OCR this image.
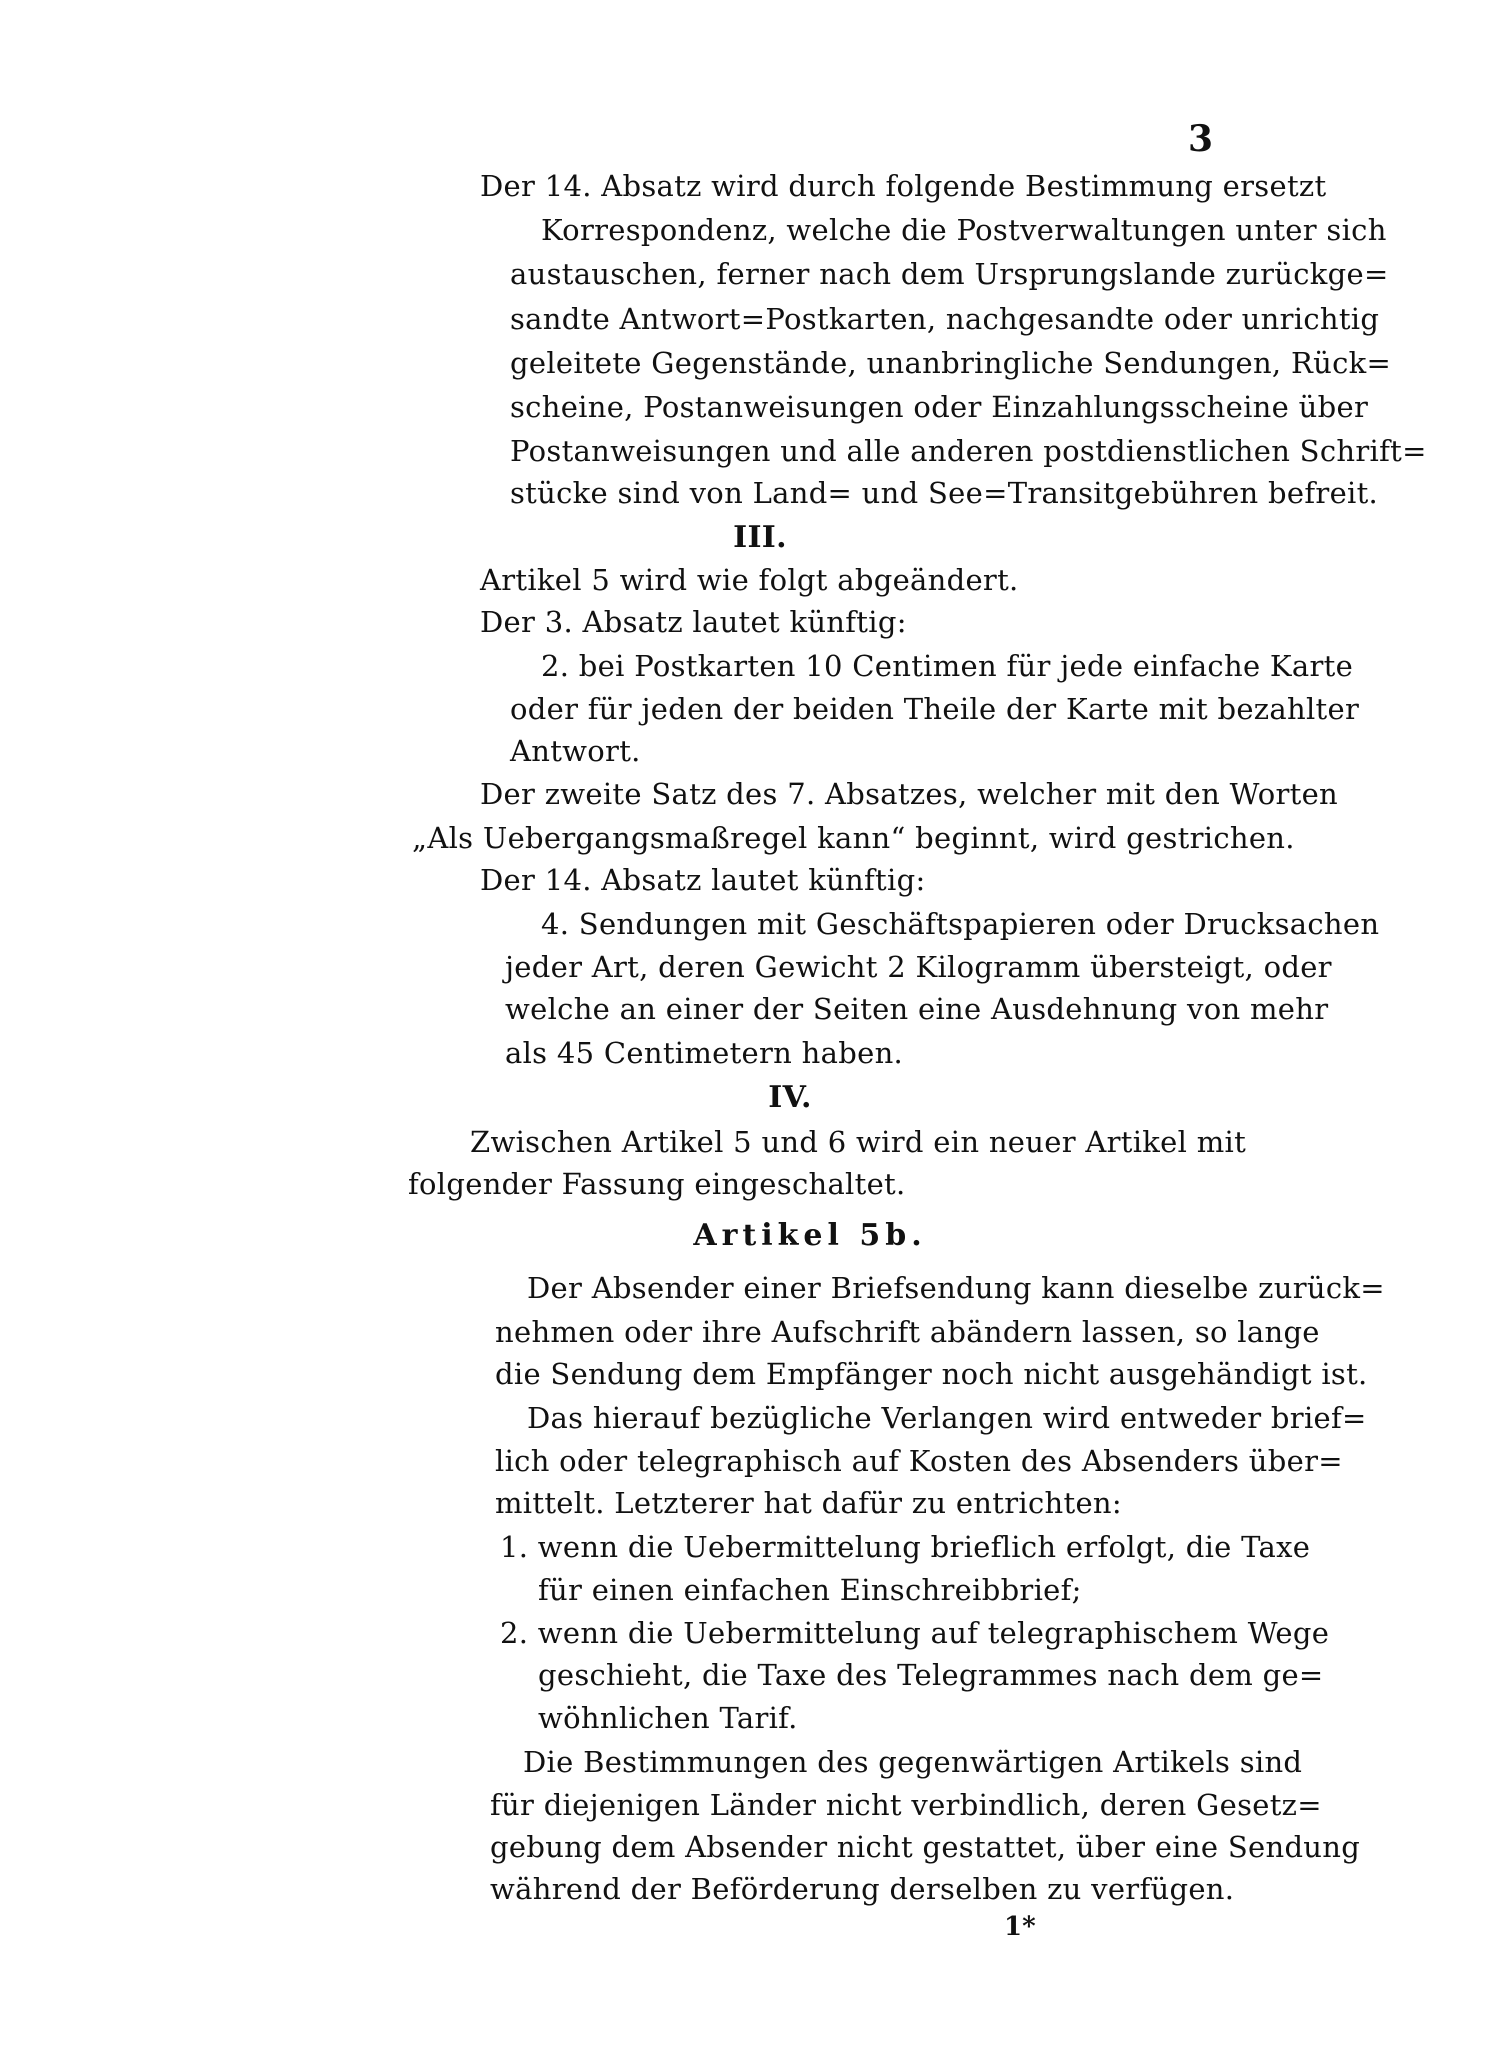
3
Der 14. Absatz wird durch folgende Bestimmung ersetzt
Korrespondenz, welche die Postverwaltungen unter sich
austauschen, ferner nach dem Ursprungslande zurückge=
sandte Antwort=Postkarten, nachgesandte oder unrichtig
geleitete Gegenstände, unanbringliche Sendungen, Rück=
scheine, Postanweisungen oder Einzahlungsscheine über
Postanweisungen und alle anderen postdienstlichen Schrift=
stücke sind von Land= und See=Transitgebühren befreit.
III.
Artikel 5 wird wie folgt abgeändert.
Der 3. Absatz lautet künftig:
2. bei Postkarten 10 Centimen für jede einfache Karte
oder für jeden der beiden Theile der Karte mit bezahlter
Antwort.
Der zweite Satz des 7. Absatzes, welcher mit den Worten
„Als Uebergangsmaßregel kann“ beginnt, wird gestrichen.
Der 14. Absatz lautet künftig:
4. Sendungen mit Geschäftspapieren oder Drucksachen
jeder Art, deren Gewicht 2 Kilogramm übersteigt, oder
welche an einer der Seiten eine Ausdehnung von mehr
als 45 Centimetern haben.
IV.
Zwischen Artikel 5 und 6 wird ein neuer Artikel mit
folgender Fassung eingeschaltet.
Artikel 5b.
Der Absender einer Briefsendung kann dieselbe zurück=
nehmen oder ihre Aufschrift abändern lassen, so lange
die Sendung dem Empfänger noch nicht ausgehändigt ist.
Das hierauf bezügliche Verlangen wird entweder brief=
lich oder telegraphisch auf Kosten des Absenders über=
mittelt. Letzterer hat dafür zu entrichten:
1. wenn die Uebermittelung brieflich erfolgt, die Taxe
für einen einfachen Einschreibbrief;
2. wenn die Uebermittelung auf telegraphischem Wege
geschieht, die Taxe des Telegrammes nach dem ge=
wöhnlichen Tarif.
Die Bestimmungen des gegenwärtigen Artikels sind
für diejenigen Länder nicht verbindlich, deren Gesetz=
gebung dem Absender nicht gestattet, über eine Sendung
während der Beförderung derselben zu verfügen.
1*
